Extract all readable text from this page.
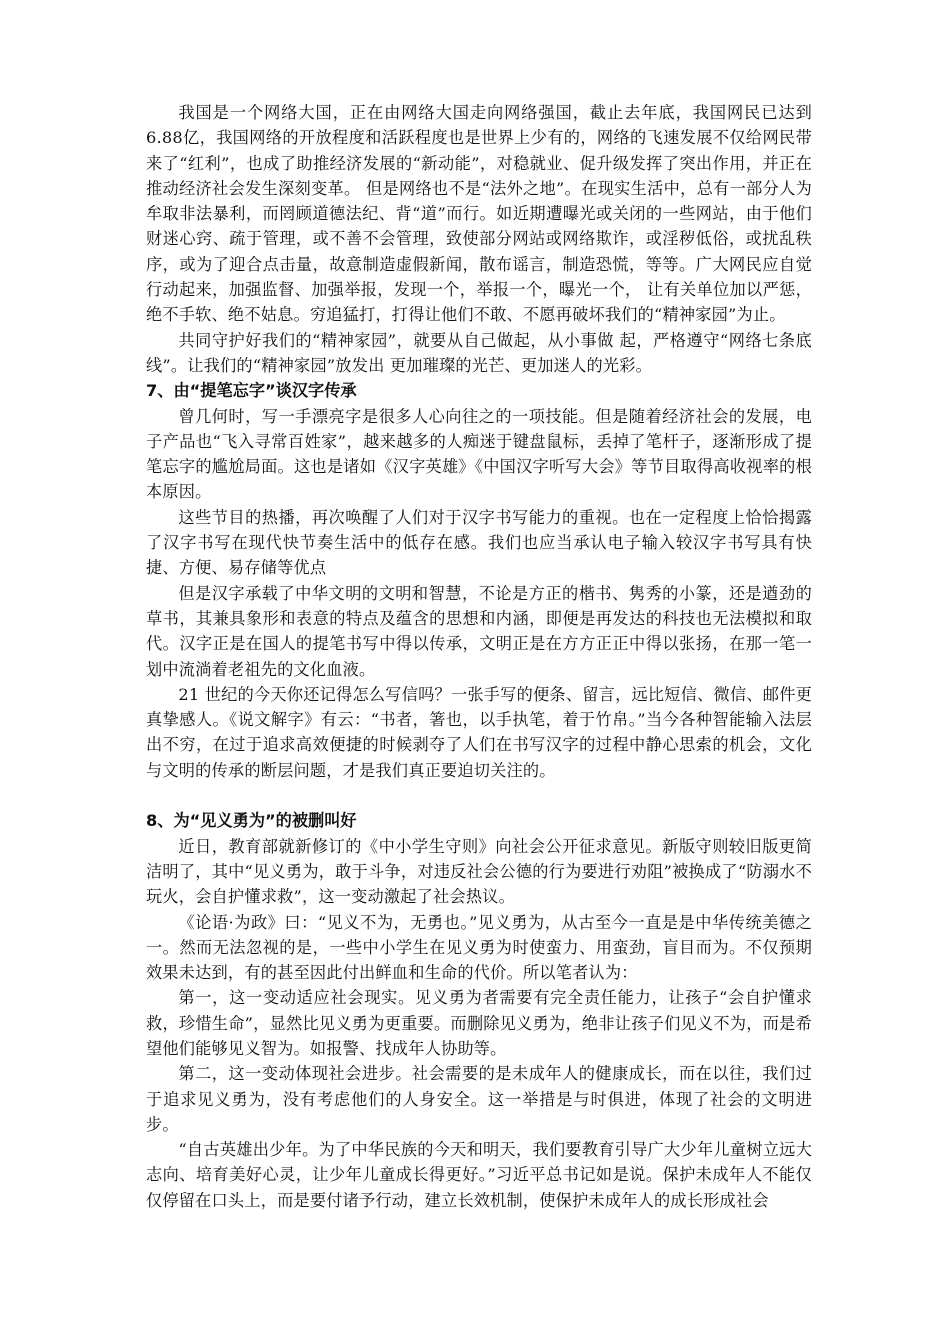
我国是一个网络大国，正在由网络大国走向网络强国，截止去年底，我国网民已达到6.88亿，我国网络的开放程度和活跃程度也是世界上少有的，网络的飞速发展不仅给网民带来了“红利”，也成了助推经济发展的“新动能”，对稳就业、促升级发挥了突出作用，并正在推动经济社会发生深刻变革。 但是网络也不是“法外之地”。在现实生活中，总有一部分人为牟取非法暴利，而罔顾道德法纪、背“道”而行。如近期遭曝光或关闭的一些网站，由于他们财迷心窍、疏于管理，或不善不会管理，致使部分网站或网络欺诈，或淫秽低俗，或扰乱秩序，或为了迎合点击量，故意制造虚假新闻，散布谣言，制造恐慌，等等。广大网民应自觉行动起来，加强监督、加强举报，发现一个，举报一个，曝光一个， 让有关单位加以严惩，绝不手软、绝不姑息。穷追猛打，打得让他们不敢、不愿再破坏我们的“精神家园”为止。

共同守护好我们的“精神家园”，就要从自己做起，从小事做 起，严格遵守“网络七条底线”。让我们的“精神家园”放发出 更加璀璨的光芒、更加迷人的光彩。

7、由“提笔忘字”谈汉字传承

曾几何时，写一手漂亮字是很多人心向往之的一项技能。但是随着经济社会的发展，电子产品也“飞入寻常百姓家”，越来越多的人痴迷于键盘鼠标，丢掉了笔杆子，逐渐形成了提笔忘字的尴尬局面。这也是诸如《汉字英雄》《中国汉字听写大会》等节目取得高收视率的根本原因。

这些节目的热播，再次唤醒了人们对于汉字书写能力的重视。也在一定程度上恰恰揭露了汉字书写在现代快节奏生活中的低存在感。我们也应当承认电子输入较汉字书写具有快捷、方便、易存储等优点

但是汉字承载了中华文明的文明和智慧，不论是方正的楷书、隽秀的小篆，还是遒劲的草书，其兼具象形和表意的特点及蕴含的思想和内涵，即便是再发达的科技也无法模拟和取代。汉字正是在国人的提笔书写中得以传承，文明正是在方方正正中得以张扬，在那一笔一划中流淌着老祖先的文化血液。

21 世纪的今天你还记得怎么写信吗？一张手写的便条、留言，远比短信、微信、邮件更真挚感人。《说文解字》有云：“书者，箸也，以手执笔，着于竹帛。”当今各种智能输入法层出不穷，在过于追求高效便捷的时候剥夺了人们在书写汉字的过程中静心思索的机会，文化与文明的传承的断层问题，才是我们真正要迫切关注的。

8、为“见义勇为”的被删叫好

近日，教育部就新修订的《中小学生守则》向社会公开征求意见。新版守则较旧版更简洁明了，其中“见义勇为，敢于斗争，对违反社会公德的行为要进行劝阻”被换成了“防溺水不玩火，会自护懂求救”，这一变动激起了社会热议。

《论语·为政》曰：“见义不为，无勇也。”见义勇为，从古至今一直是是中华传统美德之一。然而无法忽视的是，一些中小学生在见义勇为时使蛮力、用蛮劲，盲目而为。不仅预期效果未达到，有的甚至因此付出鲜血和生命的代价。所以笔者认为：

第一，这一变动适应社会现实。见义勇为者需要有完全责任能力，让孩子“会自护懂求救，珍惜生命”，显然比见义勇为更重要。而删除见义勇为，绝非让孩子们见义不为，而是希望他们能够见义智为。如报警、找成年人协助等。

第二，这一变动体现社会进步。社会需要的是未成年人的健康成长，而在以往，我们过于追求见义勇为，没有考虑他们的人身安全。这一举措是与时俱进，体现了社会的文明进步。

“自古英雄出少年。为了中华民族的今天和明天，我们要教育引导广大少年儿童树立远大志向、培育美好心灵，让少年儿童成长得更好。”习近平总书记如是说。保护未成年人不能仅仅停留在口头上，而是要付诸予行动，建立长效机制，使保护未成年人的成长形成社会
